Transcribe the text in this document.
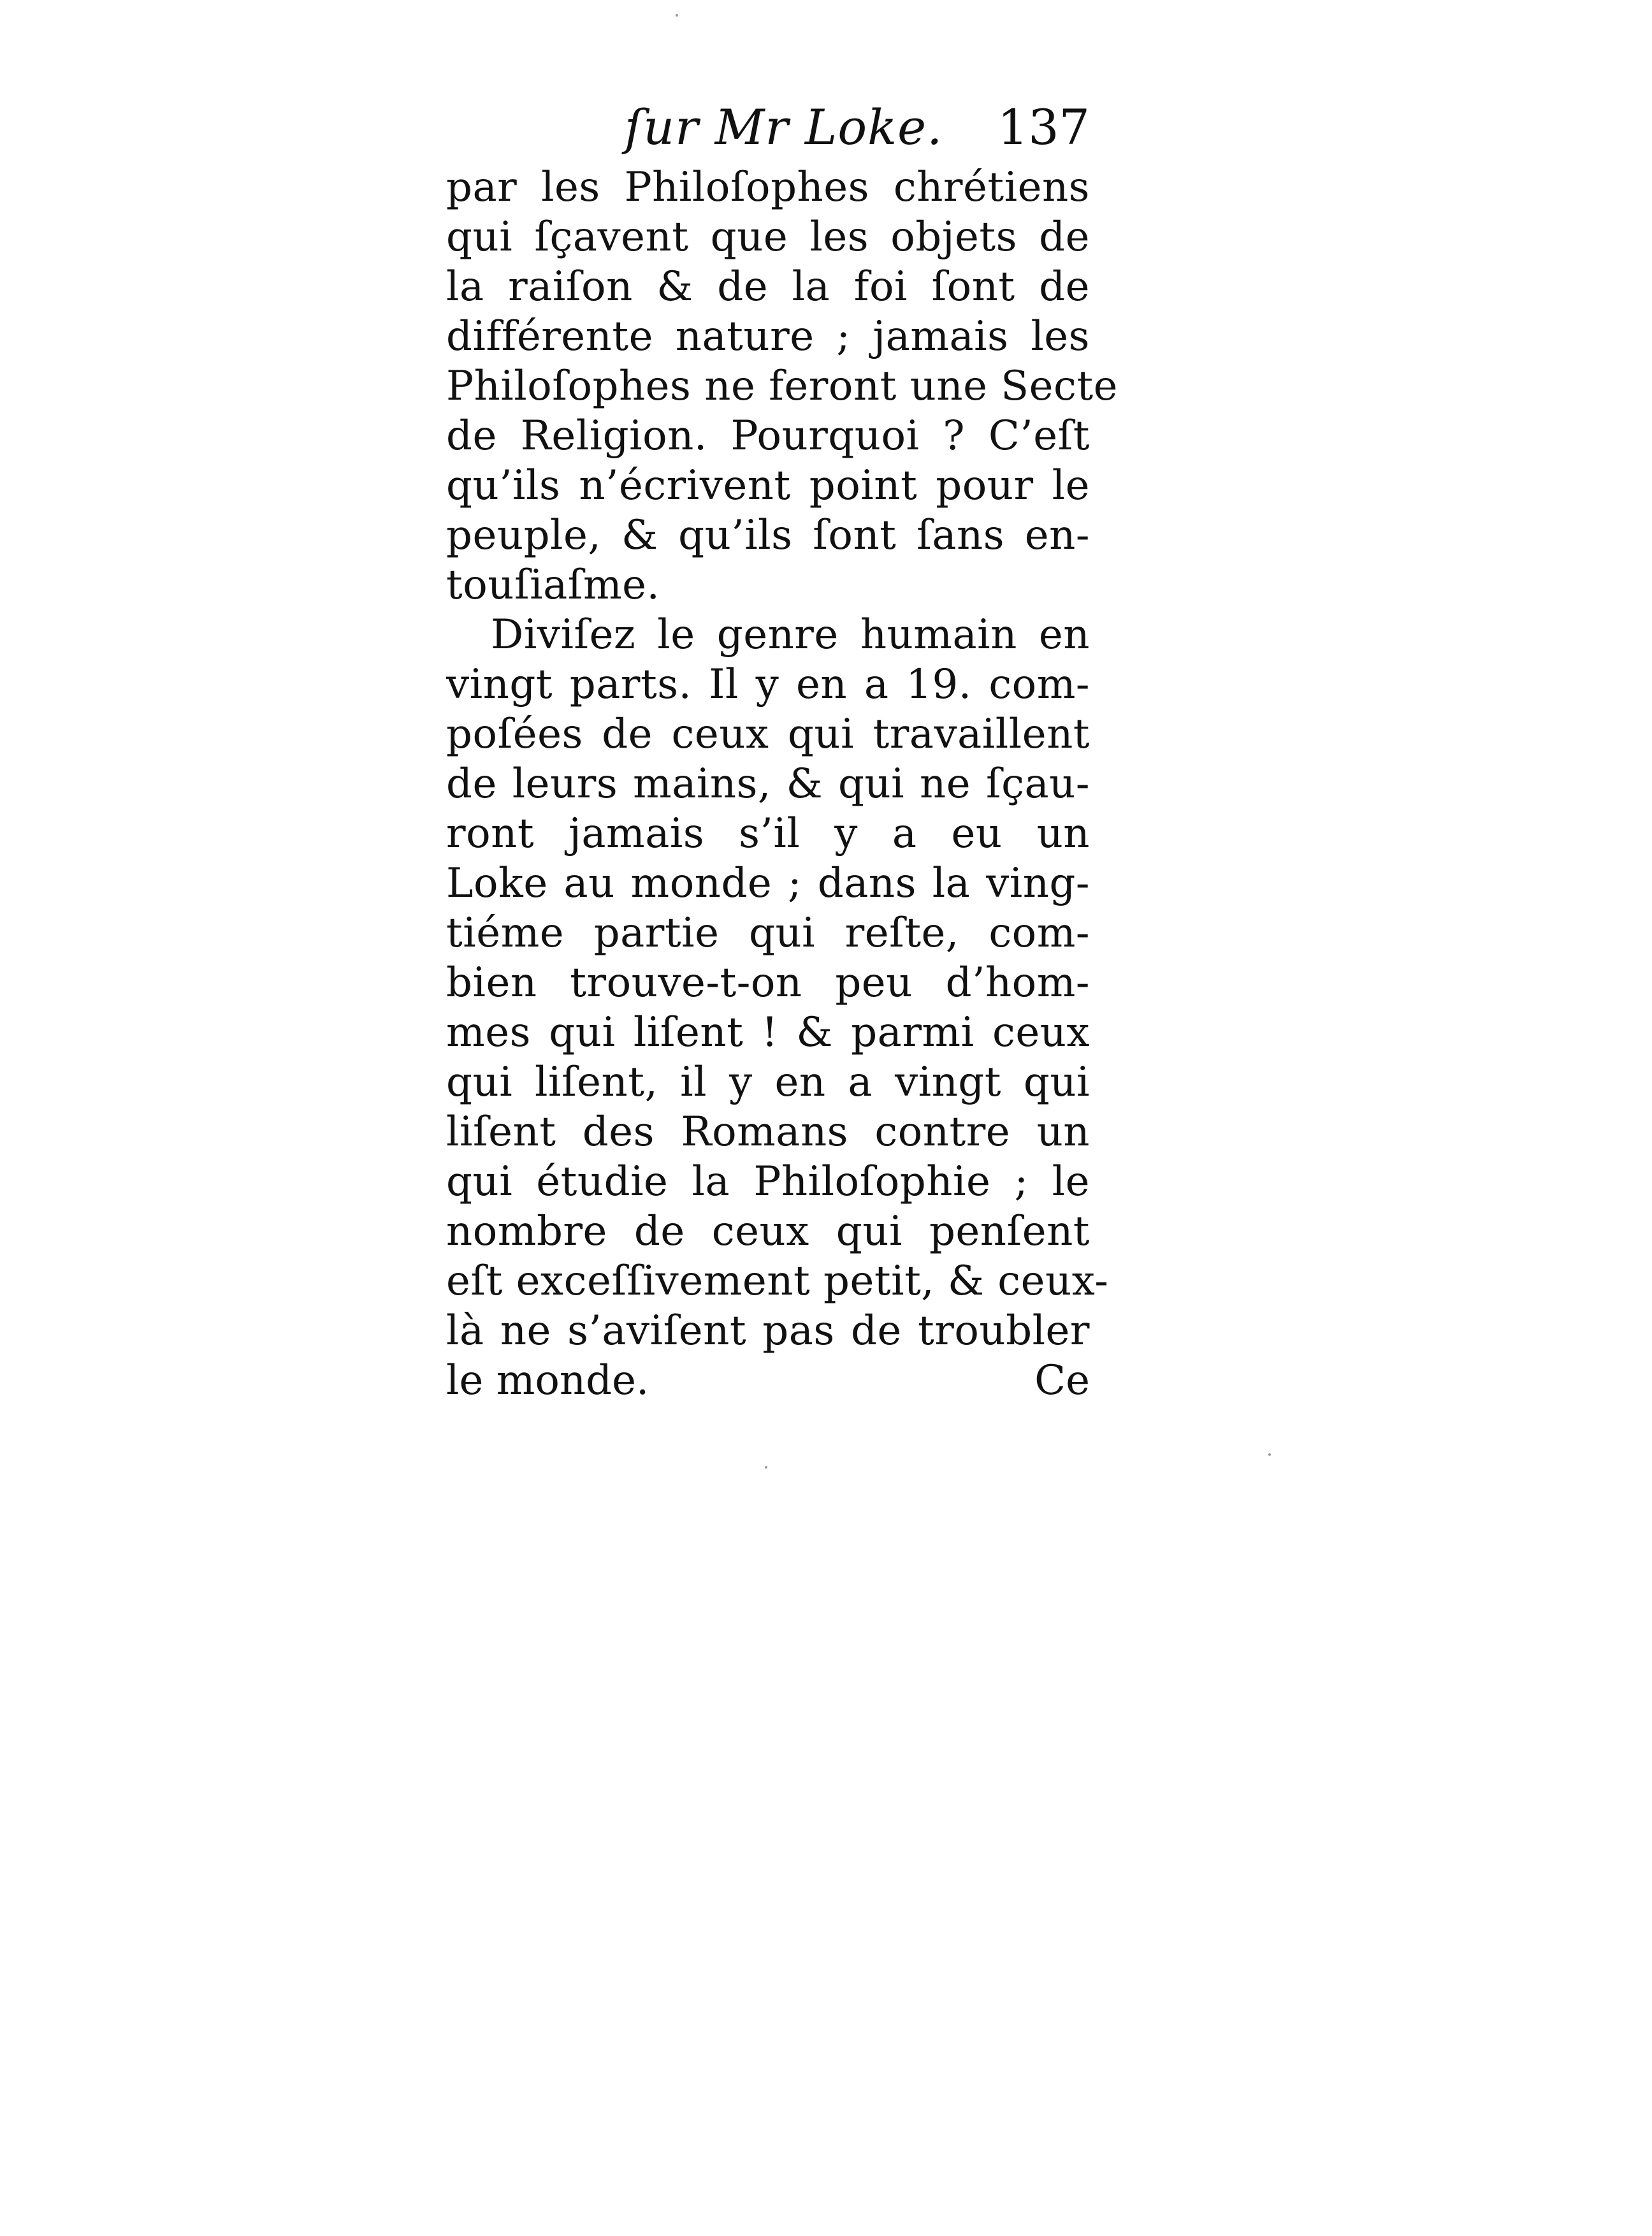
ſur Mr Loke. 137
par les Philoſophes chrétiens
qui ſçavent que les objets de
la raiſon & de la foi ſont de
différente nature ; jamais les
Philoſophes ne feront une Secte
de Religion. Pourquoi ? C’eſt
qu’ils n’écrivent point pour le
peuple, & qu’ils ſont ſans en-
touſiaſme.
Diviſez le genre humain en
vingt parts. Il y en a 19. com-
poſées de ceux qui travaillent
de leurs mains, & qui ne ſçau-
ront jamais s’il y a eu un
Loke au monde ; dans la ving-
tiéme partie qui reſte, com-
bien trouve-t-on peu d’hom-
mes qui liſent ! & parmi ceux
qui liſent, il y en a vingt qui
liſent des Romans contre un
qui étudie la Philoſophie ; le
nombre de ceux qui penſent
eſt exceſſivement petit, & ceux-
là ne s’aviſent pas de troubler
le monde.	Ce
